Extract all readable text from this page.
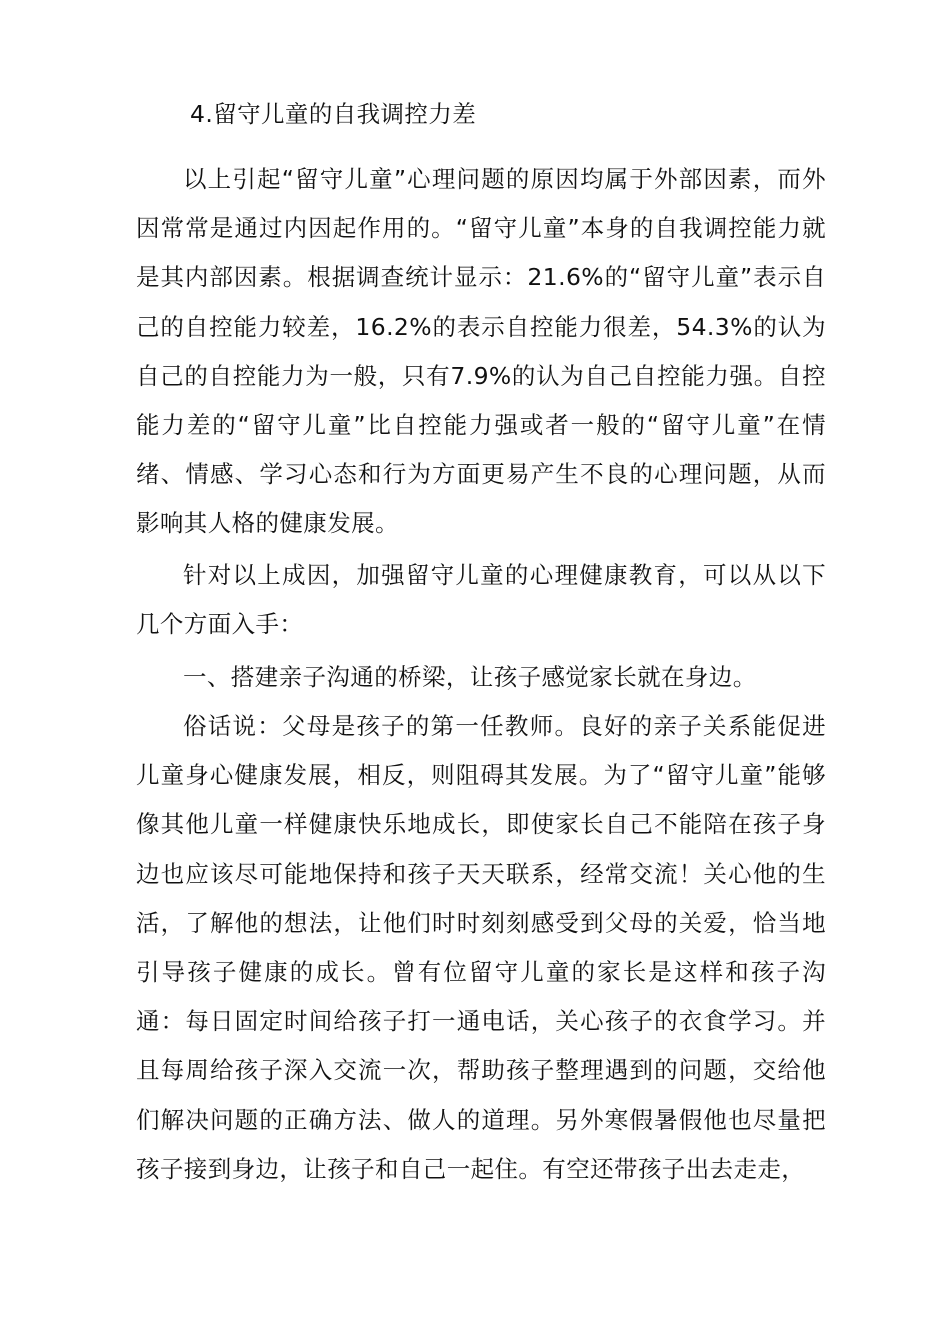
4.留守儿童的自我调控力差

以上引起“留守儿童”心理问题的原因均属于外部因素，而外因常常是通过内因起作用的。“留守儿童”本身的自我调控能力就是其内部因素。根据调查统计显示：21.6%的“留守儿童”表示自己的自控能力较差，16.2%的表示自控能力很差，54.3%的认为自己的自控能力为一般，只有7.9%的认为自己自控能力强。自控能力差的“留守儿童”比自控能力强或者一般的“留守儿童”在情绪、情感、学习心态和行为方面更易产生不良的心理问题，从而影响其人格的健康发展。

针对以上成因，加强留守儿童的心理健康教育，可以从以下几个方面入手：

一、搭建亲子沟通的桥梁，让孩子感觉家长就在身边。

俗话说：父母是孩子的第一任教师。良好的亲子关系能促进儿童身心健康发展，相反，则阻碍其发展。为了“留守儿童”能够像其他儿童一样健康快乐地成长，即使家长自己不能陪在孩子身边也应该尽可能地保持和孩子天天联系，经常交流！关心他的生活，了解他的想法，让他们时时刻刻感受到父母的关爱，恰当地引导孩子健康的成长。曾有位留守儿童的家长是这样和孩子沟通：每日固定时间给孩子打一通电话，关心孩子的衣食学习。并且每周给孩子深入交流一次，帮助孩子整理遇到的问题，交给他们解决问题的正确方法、做人的道理。另外寒假暑假他也尽量把孩子接到身边，让孩子和自己一起住。有空还带孩子出去走走，
